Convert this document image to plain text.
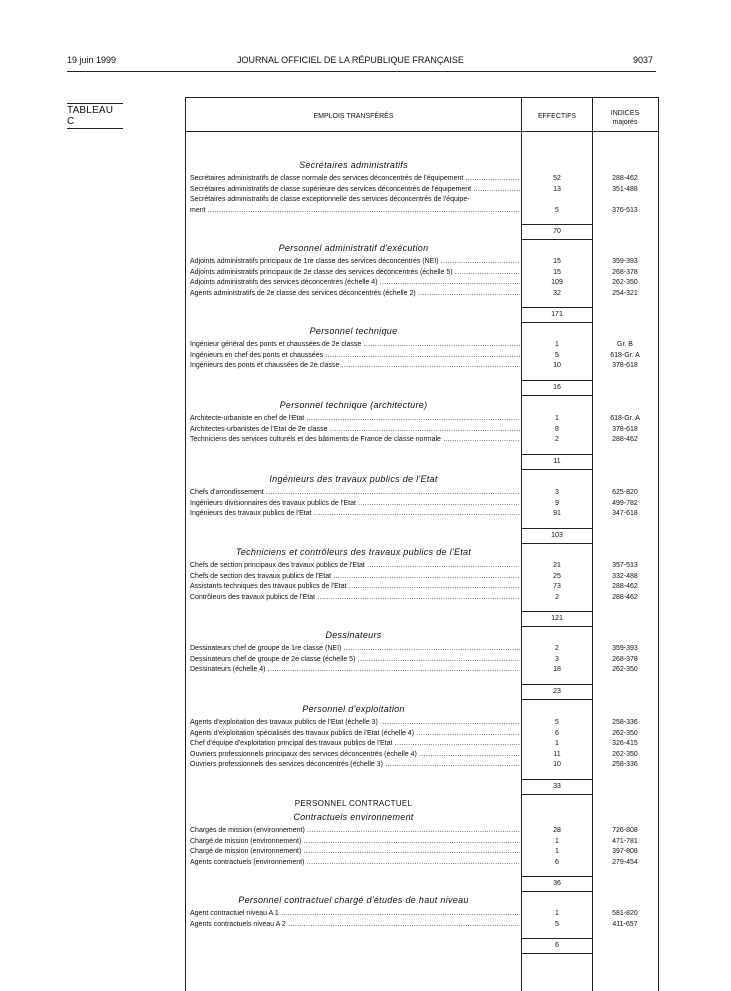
19 juin 1999	JOURNAL OFFICIEL DE LA RÉPUBLIQUE FRANÇAISE	9037
TABLEAU C	EMPLOIS TRANSFÉRÉS	EFFECTIFS	INDICES
majorés
Secrétaires administratifs
Secrétaires administratifs de classe normale des services déconcentrés de l'équipement .....	52	288-462
Secrétaires administratifs de classe supérieure des services déconcentrés de l'équipement .....	13	351-488
Secrétaires administratifs de classe exceptionnelle des services déconcentrés de l'équipe-
ment .....	5	376-513
70
Personnel administratif d'exécution
Adjoints administratifs principaux de 1re classe des services déconcentrés (NEI) .....	15	359-393
Adjoints administratifs principaux de 2e classe des services déconcentrés (échelle 5) .....	15	268-378
Adjoints administratifs des services déconcentrés (échelle 4) .....	109	262-350
Agents administratifs de 2e classe des services déconcentrés (échelle 2) .....	32	254-321
171
Personnel technique
Ingénieur général des ponts et chaussées de 2e classe .....	1	Gr. B
Ingénieurs en chef des ponts et chaussées .....	5	618-Gr. A
Ingénieurs des ponts et chaussées de 2e classe .....	10	378-618
16
Personnel technique (architecture)
Architecte-urbaniste en chef de l'Etat .....	1	618-Gr. A
Architectes-urbanistes de l'Etat de 2e classe .....	8	378-618
Techniciens des services culturels et des bâtiments de France de classe normale .....	2	288-462
11
Ingénieurs des travaux publics de l'Etat
Chefs d'arrondissement .....	3	625-820
Ingénieurs divisionnaires des travaux publics de l'Etat .....	9	499-782
Ingénieurs des travaux publics de l'Etat .....	91	347-618
103
Techniciens et contrôleurs des travaux publics de l'Etat
Chefs de section principaux des travaux publics de l'Etat .....	21	357-513
Chefs de section des travaux publics de l'Etat .....	25	332-488
Assistants techniques des travaux publics de l'Etat .....	73	288-462
Contrôleurs des travaux publics de l'Etat .....	2	288-462
121
Dessinateurs
Dessinateurs chef de groupe de 1re classe (NEI) .....	2	359-393
Dessinateurs chef de groupe de 2e classe (échelle 5) .....	3	268-378
Dessinateurs (échelle 4) .....	18	262-350
23
Personnel d'exploitation
Agents d'exploitation des travaux publics de l'Etat (échelle 3) .....	5	258-336
Agents d'exploitation spécialisés des travaux publics de l'Etat (échelle 4) .....	6	262-350
Chef d'équipe d'exploitation principal des travaux publics de l'Etat .....	1	326-415
Ouvriers professionnels principaux des services déconcentrés (échelle 4) .....	11	262-350
Ouvriers professionnels des services déconcentrés (échelle 3) .....	10	258-336
33
PERSONNEL CONTRACTUEL
Contractuels environnement
Chargés de mission (environnement) .....	28	726-808
Chargé de mission (environnement) .....	1	471-781
Chargé de mission (environnement) .....	1	397-808
Agents contractuels (environnement) .....	6	279-454
36
Personnel contractuel chargé d'études de haut niveau
Agent contractuel niveau A 1 .....	1	581-820
Agents contractuels niveau A 2 .....	5	411-657
6
